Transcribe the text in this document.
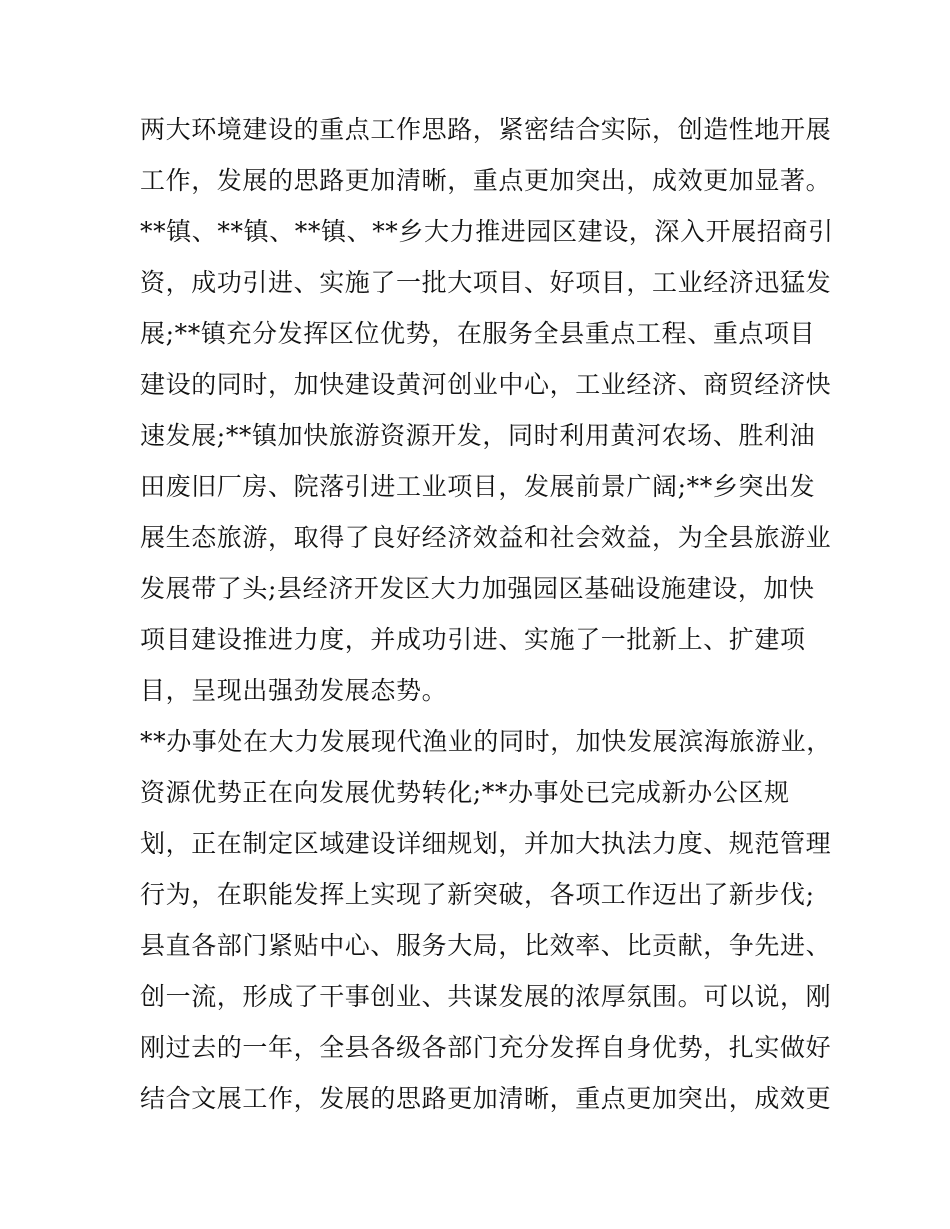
两大环境建设的重点工作思路，紧密结合实际，创造性地开展

工作，发展的思路更加清晰，重点更加突出，成效更加显著。

**镇、**镇、**镇、**乡大力推进园区建设，深入开展招商引

资，成功引进、实施了一批大项目、好项目，工业经济迅猛发

展;**镇充分发挥区位优势，在服务全县重点工程、重点项目

建设的同时，加快建设黄河创业中心，工业经济、商贸经济快

速发展;**镇加快旅游资源开发，同时利用黄河农场、胜利油

田废旧厂房、院落引进工业项目，发展前景广阔;**乡突出发

展生态旅游，取得了良好经济效益和社会效益，为全县旅游业

发展带了头;县经济开发区大力加强园区基础设施建设，加快

项目建设推进力度，并成功引进、实施了一批新上、扩建项

目，呈现出强劲发展态势。

**办事处在大力发展现代渔业的同时，加快发展滨海旅游业，

资源优势正在向发展优势转化;**办事处已完成新办公区规

划，正在制定区域建设详细规划，并加大执法力度、规范管理

行为，在职能发挥上实现了新突破，各项工作迈出了新步伐;

县直各部门紧贴中心、服务大局，比效率、比贡献，争先进、

创一流，形成了干事创业、共谋发展的浓厚氛围。可以说，刚

刚过去的一年，全县各级各部门充分发挥自身优势，扎实做好

结合文展工作，发展的思路更加清晰，重点更加突出，成效更
